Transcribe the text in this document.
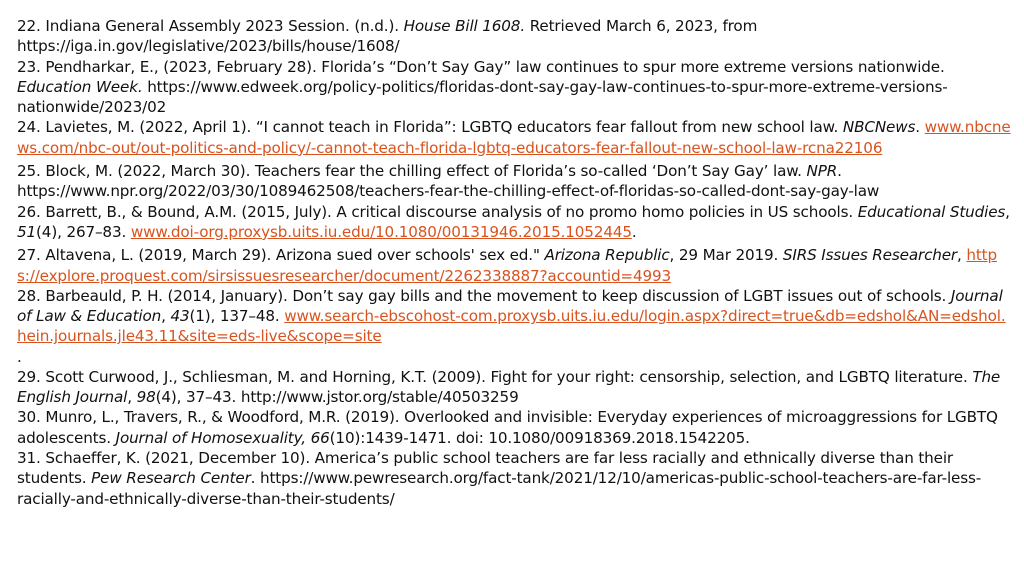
22. Indiana General Assembly 2023 Session. (n.d.). House Bill 1608. Retrieved March 6, 2023, from https://iga.in.gov/legislative/2023/bills/house/1608/

23. Pendharkar, E., (2023, February 28). Florida’s “Don’t Say Gay” law continues to spur more extreme versions nationwide. Education Week. https://www.edweek.org/policy-politics/floridas-dont-say-gay-law-continues-to-spur-more-extreme-versions-nationwide/2023/02

24. Lavietes, M. (2022, April 1). “I cannot teach in Florida”: LGBTQ educators fear fallout from new school law. NBCNews. www.nbcnews.com/nbc-out/out-politics-and-policy/-cannot-teach-florida-lgbtq-educators-fear-fallout-new-school-law-rcna22106

25. Block, M. (2022, March 30). Teachers fear the chilling effect of Florida’s so-called ‘Don’t Say Gay’ law. NPR. https://www.npr.org/2022/03/30/1089462508/teachers-fear-the-chilling-effect-of-floridas-so-called-dont-say-gay-law

26. Barrett, B., & Bound, A.M. (2015, July). A critical discourse analysis of no promo homo policies in US schools. Educational Studies, 51(4), 267–83. www.doi-org.proxysb.uits.iu.edu/10.1080/00131946.2015.1052445.

27. Altavena, L. (2019, March 29). Arizona sued over schools' sex ed." Arizona Republic, 29 Mar 2019. SIRS Issues Researcher, https://explore.proquest.com/sirsissuesresearcher/document/2262338887?accountid=4993

28. Barbeauld, P. H. (2014, January). Don’t say gay bills and the movement to keep discussion of LGBT issues out of schools. Journal of Law & Education, 43(1), 137–48. www.search-ebscohost-com.proxysb.uits.iu.edu/login.aspx?direct=true&db=edshol&AN=edshol.hein.journals.jle43.11&site=eds-live&scope=site
.

29. Scott Curwood, J., Schliesman, M. and Horning, K.T. (2009). Fight for your right: censorship, selection, and LGBTQ literature. The English Journal, 98(4), 37–43. http://www.jstor.org/stable/40503259

30. Munro, L., Travers, R., & Woodford, M.R. (2019). Overlooked and invisible: Everyday experiences of microaggressions for LGBTQ adolescents. Journal of Homosexuality, 66(10):1439-1471. doi: 10.1080/00918369.2018.1542205.

31. Schaeffer, K. (2021, December 10). America’s public school teachers are far less racially and ethnically diverse than their students. Pew Research Center. https://www.pewresearch.org/fact-tank/2021/12/10/americas-public-school-teachers-are-far-less-racially-and-ethnically-diverse-than-their-students/
